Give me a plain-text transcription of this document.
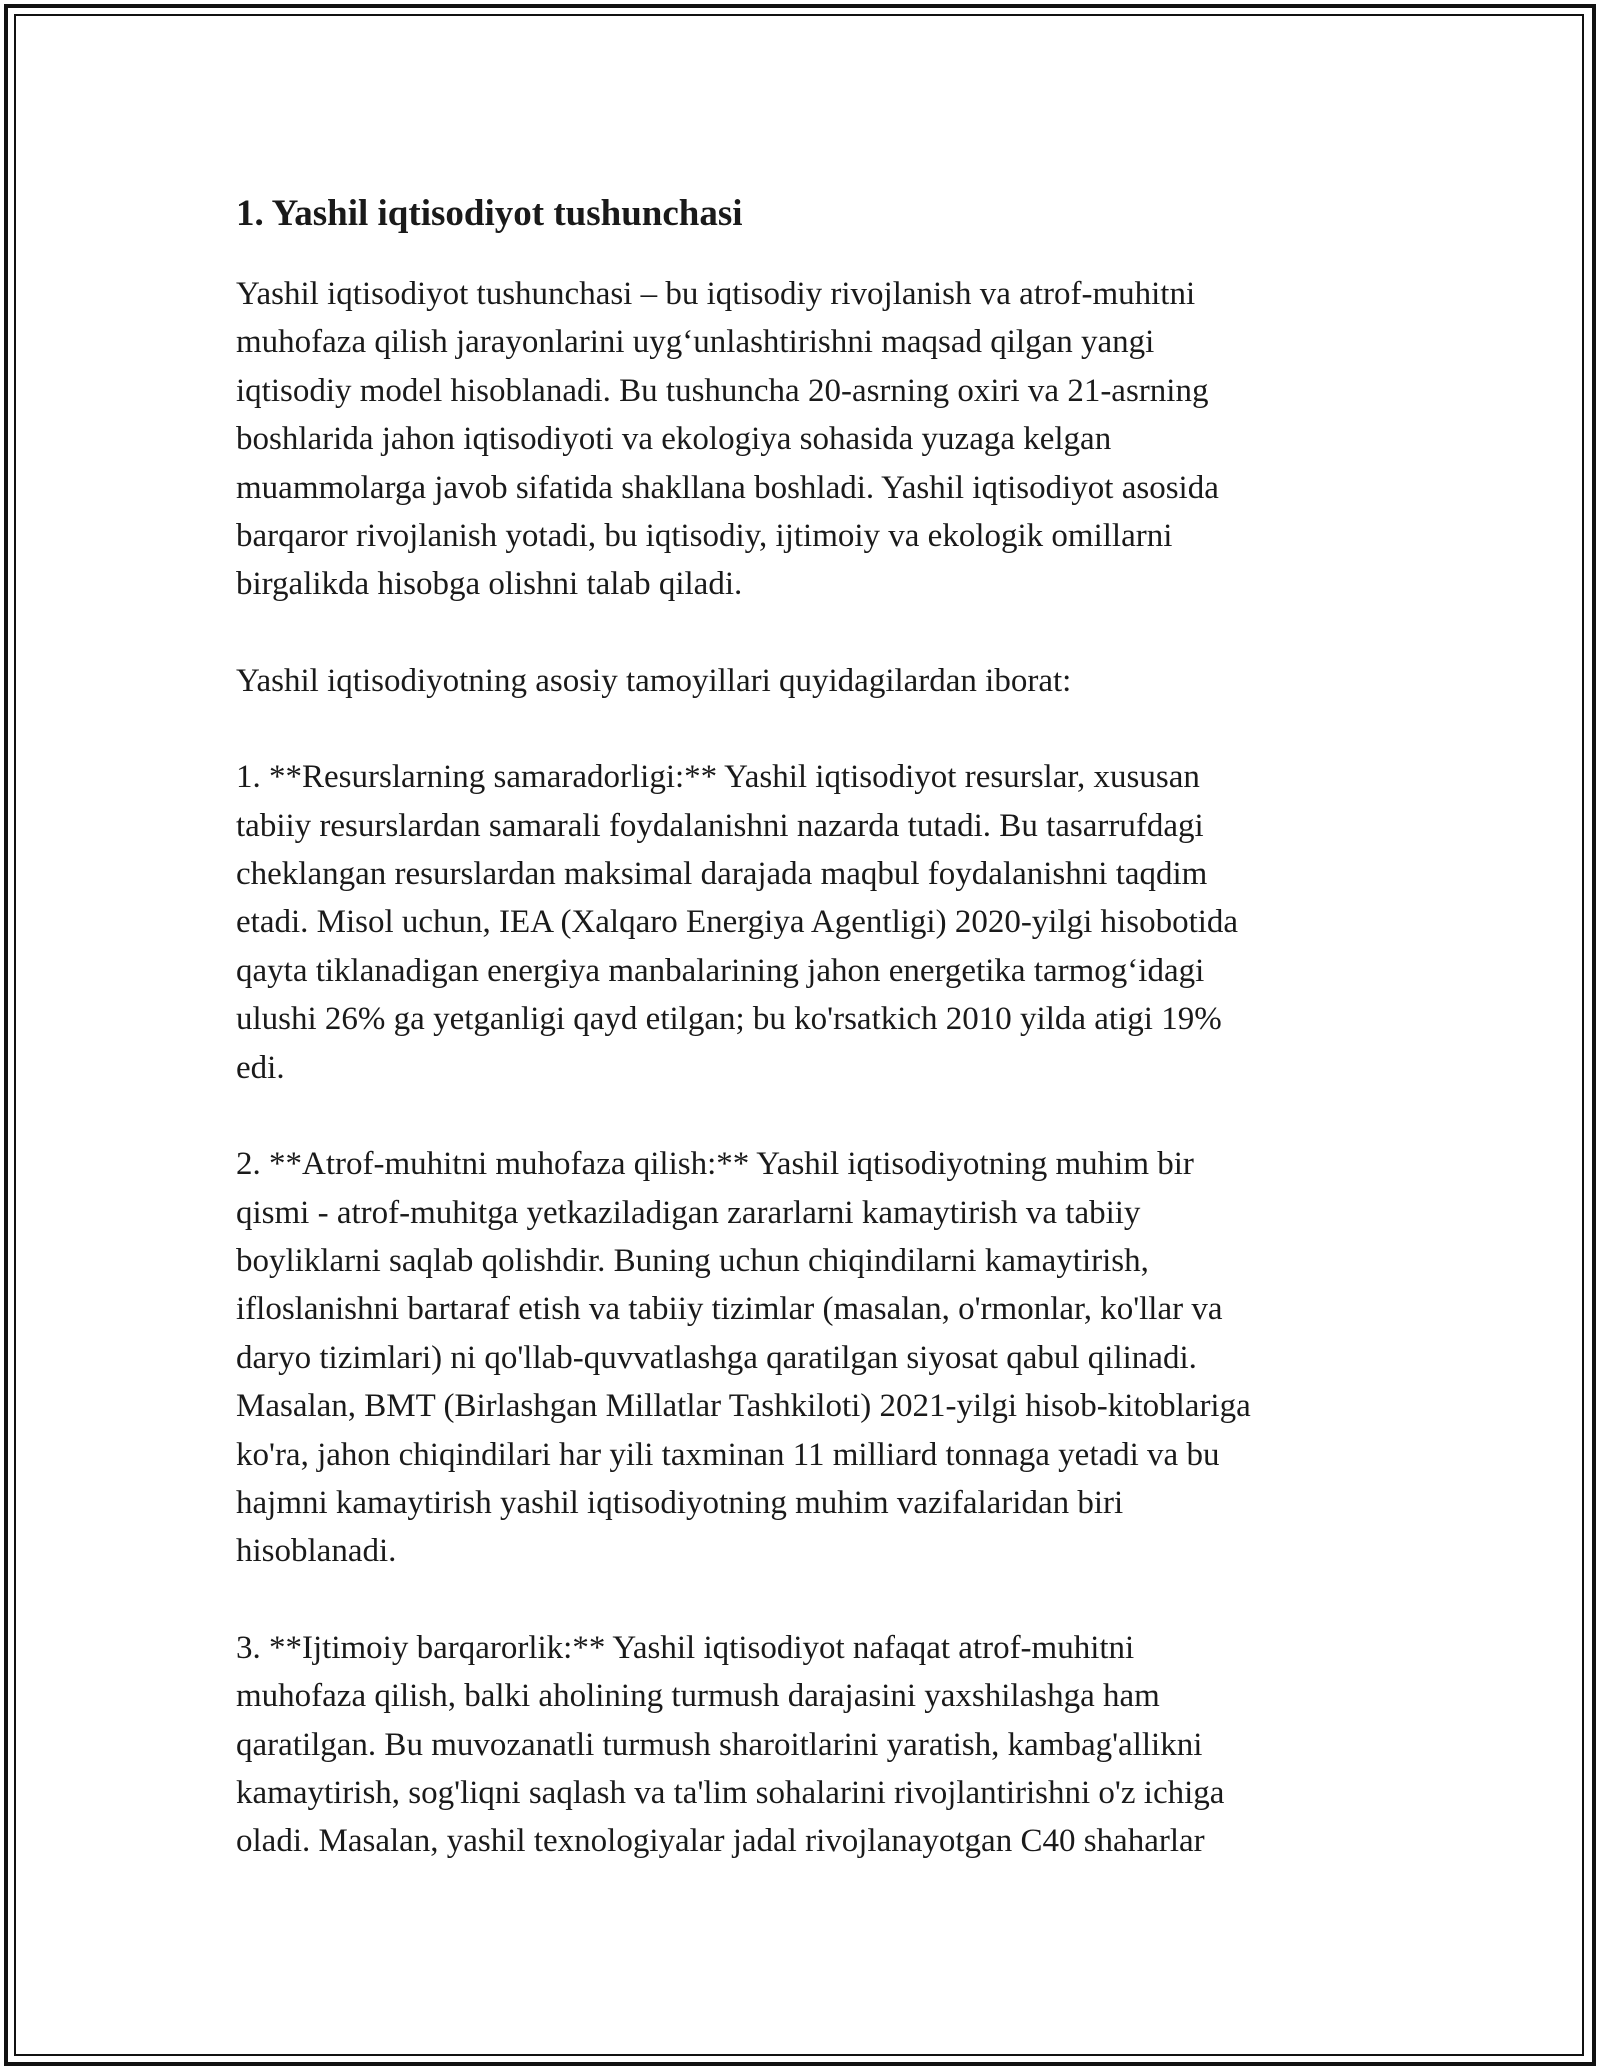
1. Yashil iqtisodiyot tushunchasi

Yashil iqtisodiyot tushunchasi – bu iqtisodiy rivojlanish va atrof-muhitni
muhofaza qilish jarayonlarini uyg‘unlashtirishni maqsad qilgan yangi
iqtisodiy model hisoblanadi. Bu tushuncha 20-asrning oxiri va 21-asrning
boshlarida jahon iqtisodiyoti va ekologiya sohasida yuzaga kelgan
muammolarga javob sifatida shakllana boshladi. Yashil iqtisodiyot asosida
barqaror rivojlanish yotadi, bu iqtisodiy, ijtimoiy va ekologik omillarni
birgalikda hisobga olishni talab qiladi.

Yashil iqtisodiyotning asosiy tamoyillari quyidagilardan iborat:

1. **Resurslarning samaradorligi:** Yashil iqtisodiyot resurslar, xususan
tabiiy resurslardan samarali foydalanishni nazarda tutadi. Bu tasarrufdagi
cheklangan resurslardan maksimal darajada maqbul foydalanishni taqdim
etadi. Misol uchun, IEA (Xalqaro Energiya Agentligi) 2020-yilgi hisobotida
qayta tiklanadigan energiya manbalarining jahon energetika tarmog‘idagi
ulushi 26% ga yetganligi qayd etilgan; bu ko'rsatkich 2010 yilda atigi 19%
edi.

2. **Atrof-muhitni muhofaza qilish:** Yashil iqtisodiyotning muhim bir
qismi - atrof-muhitga yetkaziladigan zararlarni kamaytirish va tabiiy
boyliklarni saqlab qolishdir. Buning uchun chiqindilarni kamaytirish,
ifloslanishni bartaraf etish va tabiiy tizimlar (masalan, o'rmonlar, ko'llar va
daryo tizimlari) ni qo'llab-quvvatlashga qaratilgan siyosat qabul qilinadi.
Masalan, BMT (Birlashgan Millatlar Tashkiloti) 2021-yilgi hisob-kitoblariga
ko'ra, jahon chiqindilari har yili taxminan 11 milliard tonnaga yetadi va bu
hajmni kamaytirish yashil iqtisodiyotning muhim vazifalaridan biri
hisoblanadi.

3. **Ijtimoiy barqarorlik:** Yashil iqtisodiyot nafaqat atrof-muhitni
muhofaza qilish, balki aholining turmush darajasini yaxshilashga ham
qaratilgan. Bu muvozanatli turmush sharoitlarini yaratish, kambag'allikni
kamaytirish, sog'liqni saqlash va ta'lim sohalarini rivojlantirishni o'z ichiga
oladi. Masalan, yashil texnologiyalar jadal rivojlanayotgan C40 shaharlar
